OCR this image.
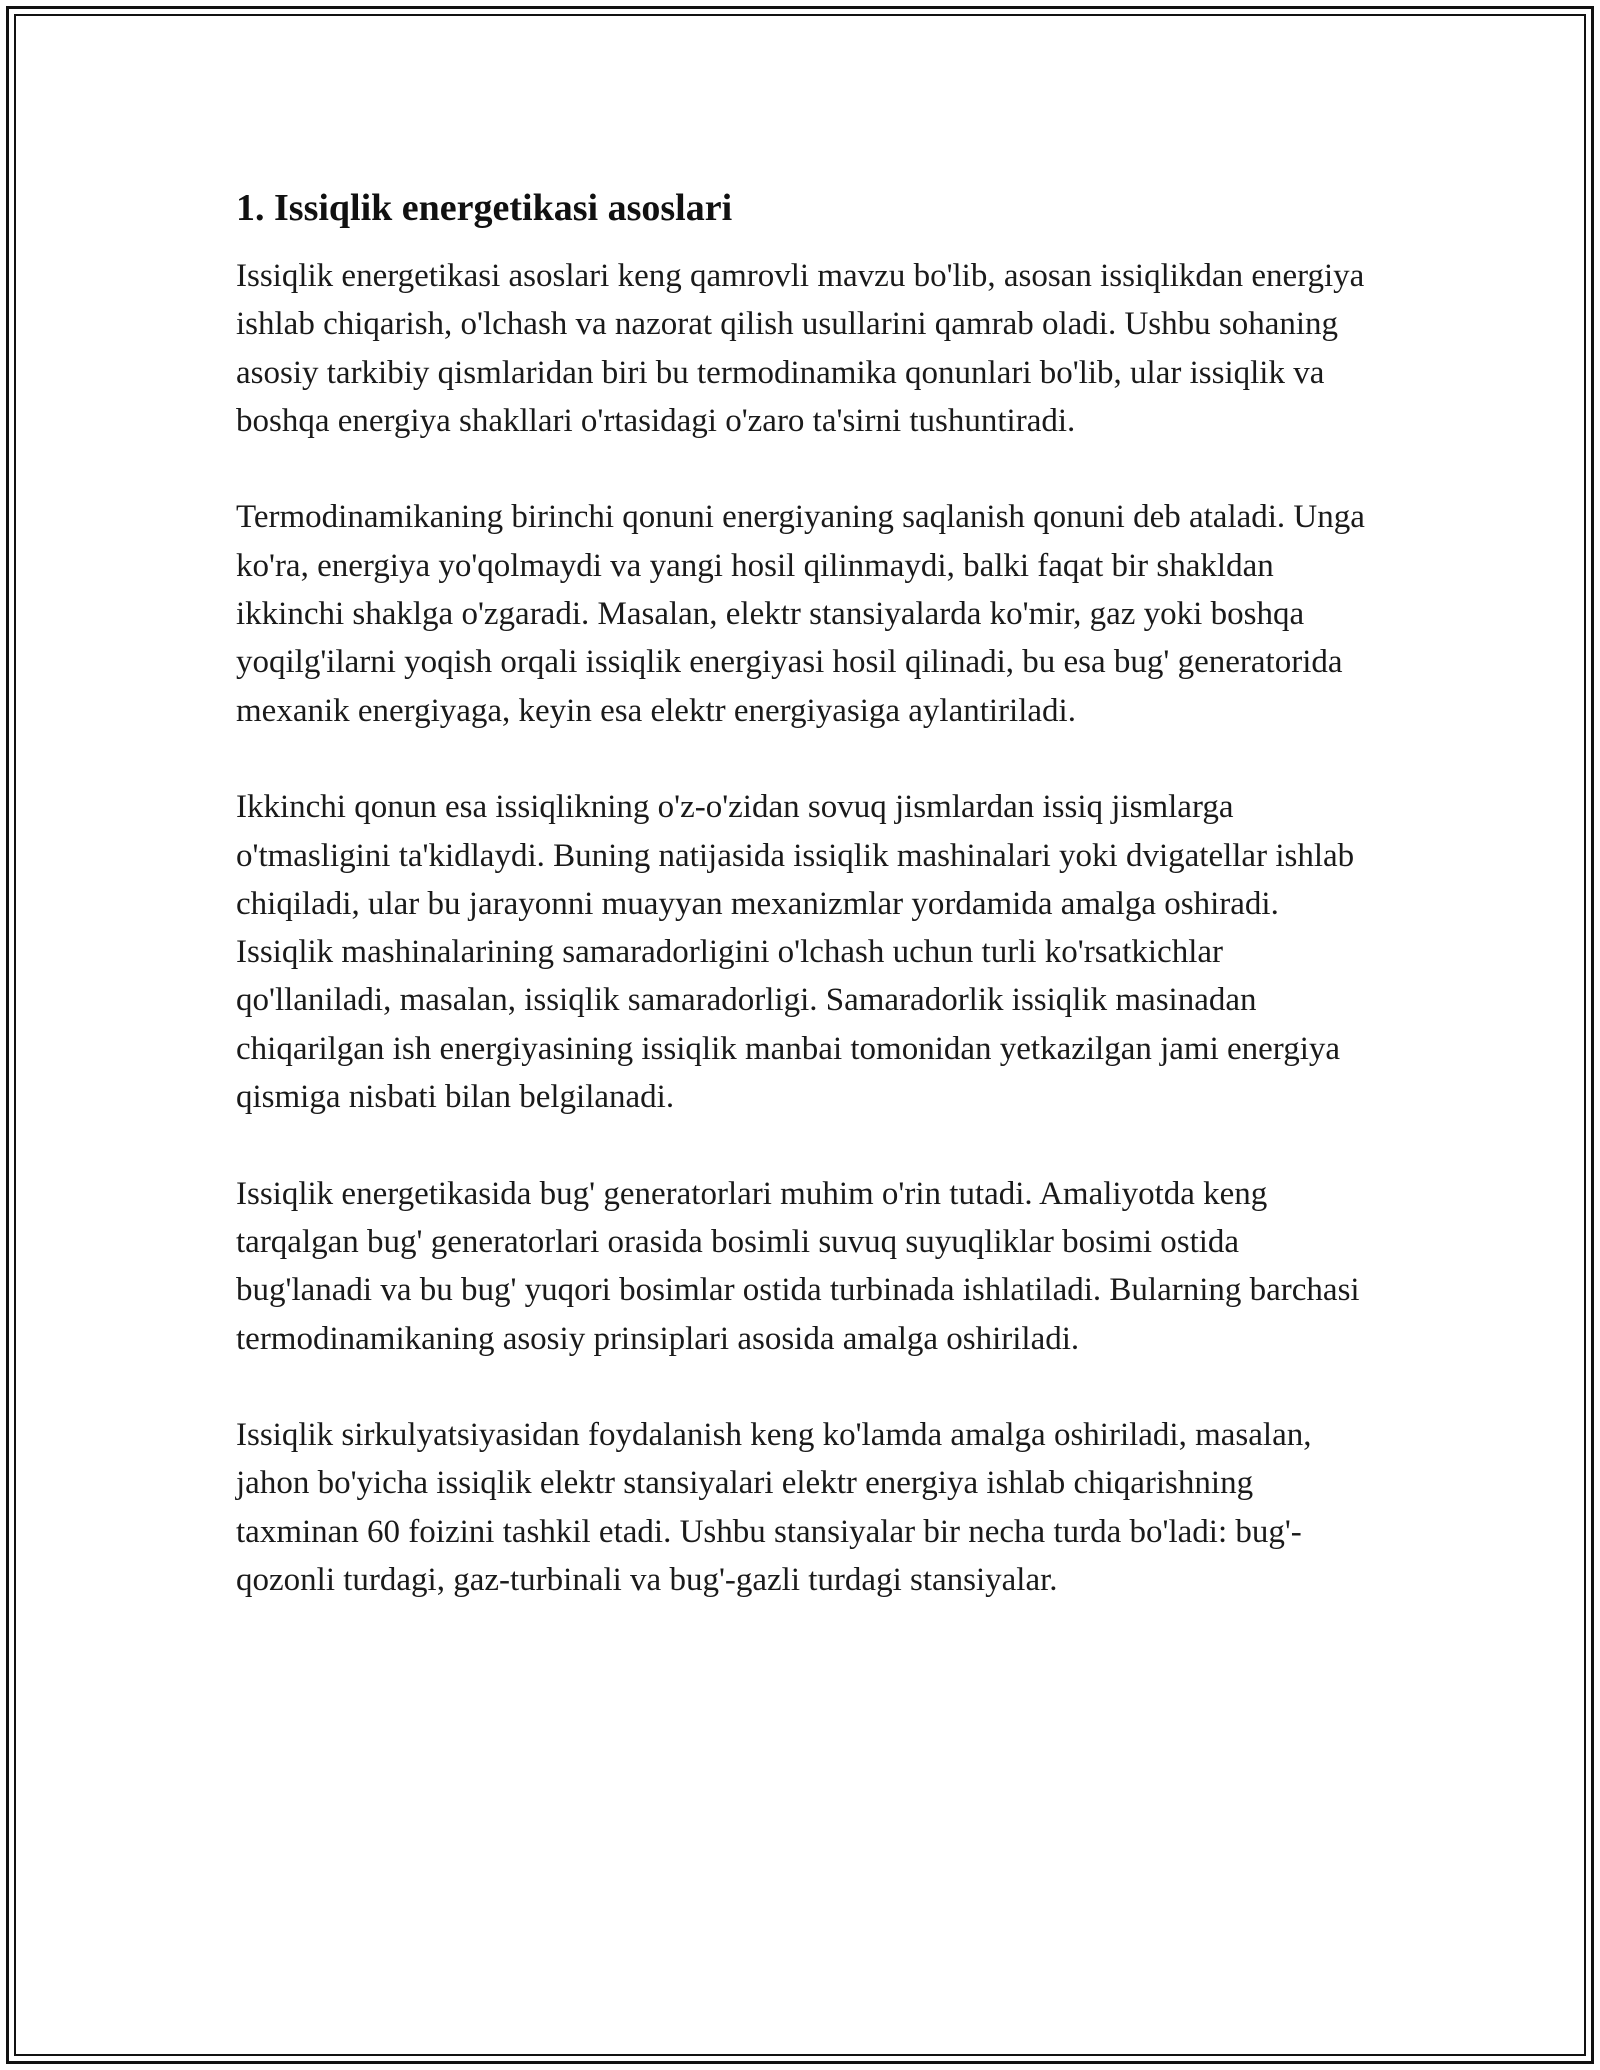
1. Issiqlik energetikasi asoslari

Issiqlik energetikasi asoslari keng qamrovli mavzu bo'lib, asosan issiqlikdan energiya ishlab chiqarish, o'lchash va nazorat qilish usullarini qamrab oladi. Ushbu sohaning asosiy tarkibiy qismlaridan biri bu termodinamika qonunlari bo'lib, ular issiqlik va boshqa energiya shakllari o'rtasidagi o'zaro ta'sirni tushuntiradi.

Termodinamikaning birinchi qonuni energiyaning saqlanish qonuni deb ataladi. Unga ko'ra, energiya yo'qolmaydi va yangi hosil qilinmaydi, balki faqat bir shakldan ikkinchi shaklga o'zgaradi. Masalan, elektr stansiyalarda ko'mir, gaz yoki boshqa yoqilg'ilarni yoqish orqali issiqlik energiyasi hosil qilinadi, bu esa bug' generatorida mexanik energiyaga, keyin esa elektr energiyasiga aylantiriladi.

Ikkinchi qonun esa issiqlikning o'z-o'zidan sovuq jismlardan issiq jismlarga o'tmasligini ta'kidlaydi. Buning natijasida issiqlik mashinalari yoki dvigatellar ishlab chiqiladi, ular bu jarayonni muayyan mexanizmlar yordamida amalga oshiradi. Issiqlik mashinalarining samaradorligini o'lchash uchun turli ko'rsatkichlar qo'llaniladi, masalan, issiqlik samaradorligi. Samaradorlik issiqlik masinadan chiqarilgan ish energiyasining issiqlik manbai tomonidan yetkazilgan jami energiya qismiga nisbati bilan belgilanadi.

Issiqlik energetikasida bug' generatorlari muhim o'rin tutadi. Amaliyotda keng tarqalgan bug' generatorlari orasida bosimli suvuq suyuqliklar bosimi ostida bug'lanadi va bu bug' yuqori bosimlar ostida turbinada ishlatiladi. Bularning barchasi termodinamikaning asosiy prinsiplari asosida amalga oshiriladi.

Issiqlik sirkulyatsiyasidan foydalanish keng ko'lamda amalga oshiriladi, masalan, jahon bo'yicha issiqlik elektr stansiyalari elektr energiya ishlab chiqarishning taxminan 60 foizini tashkil etadi. Ushbu stansiyalar bir necha turda bo'ladi: bug'-qozonli turdagi, gaz-turbinali va bug'-gazli turdagi stansiyalar.
